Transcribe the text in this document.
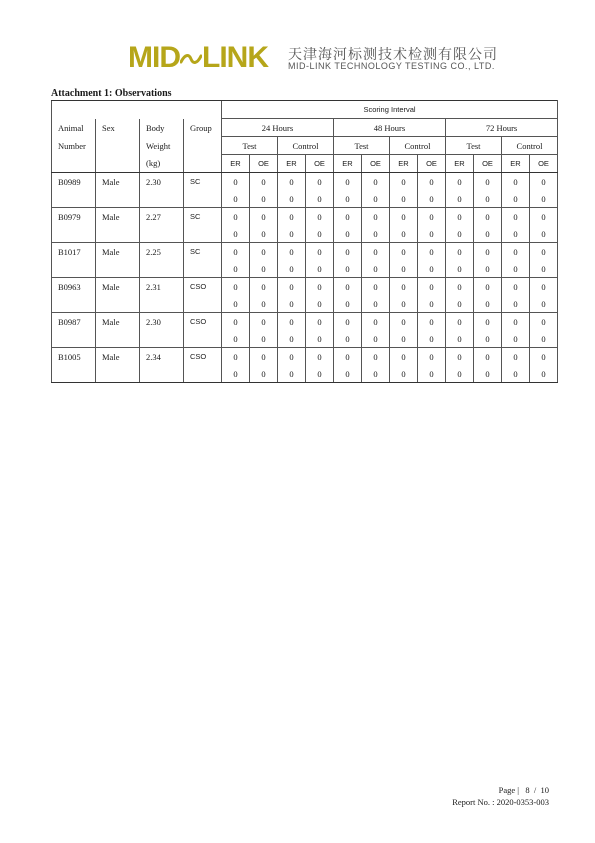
MID LINK 天津海河标测技术检测有限公司
MID-LINK TECHNOLOGY TESTING CO., LTD.
Attachment 1: Observations
				Scoring Interval											
Animal	Sex	Body	Group	24 Hours				48 Hours				72 Hours			
Number		Weight		Test		Control		Test		Control		Test		Control	
		(kg)		ER	OE	ER	OE	ER	OE	ER	OE	ER	OE	ER	OE
B0989	Male	2.30	SC	0	0	0	0	0	0	0	0	0	0	0	0
				0	0	0	0	0	0	0	0	0	0	0	0
B0979	Male	2.27	SC	0	0	0	0	0	0	0	0	0	0	0	0
				0	0	0	0	0	0	0	0	0	0	0	0
B1017	Male	2.25	SC	0	0	0	0	0	0	0	0	0	0	0	0
				0	0	0	0	0	0	0	0	0	0	0	0
B0963	Male	2.31	CSO	0	0	0	0	0	0	0	0	0	0	0	0
				0	0	0	0	0	0	0	0	0	0	0	0
B0987	Male	2.30	CSO	0	0	0	0	0	0	0	0	0	0	0	0
				0	0	0	0	0	0	0	0	0	0	0	0
B1005	Male	2.34	CSO	0	0	0	0	0	0	0	0	0	0	0	0
				0	0	0	0	0	0	0	0	0	0	0	0
Page | 8 / 10
Report No. : 2020-0353-003
